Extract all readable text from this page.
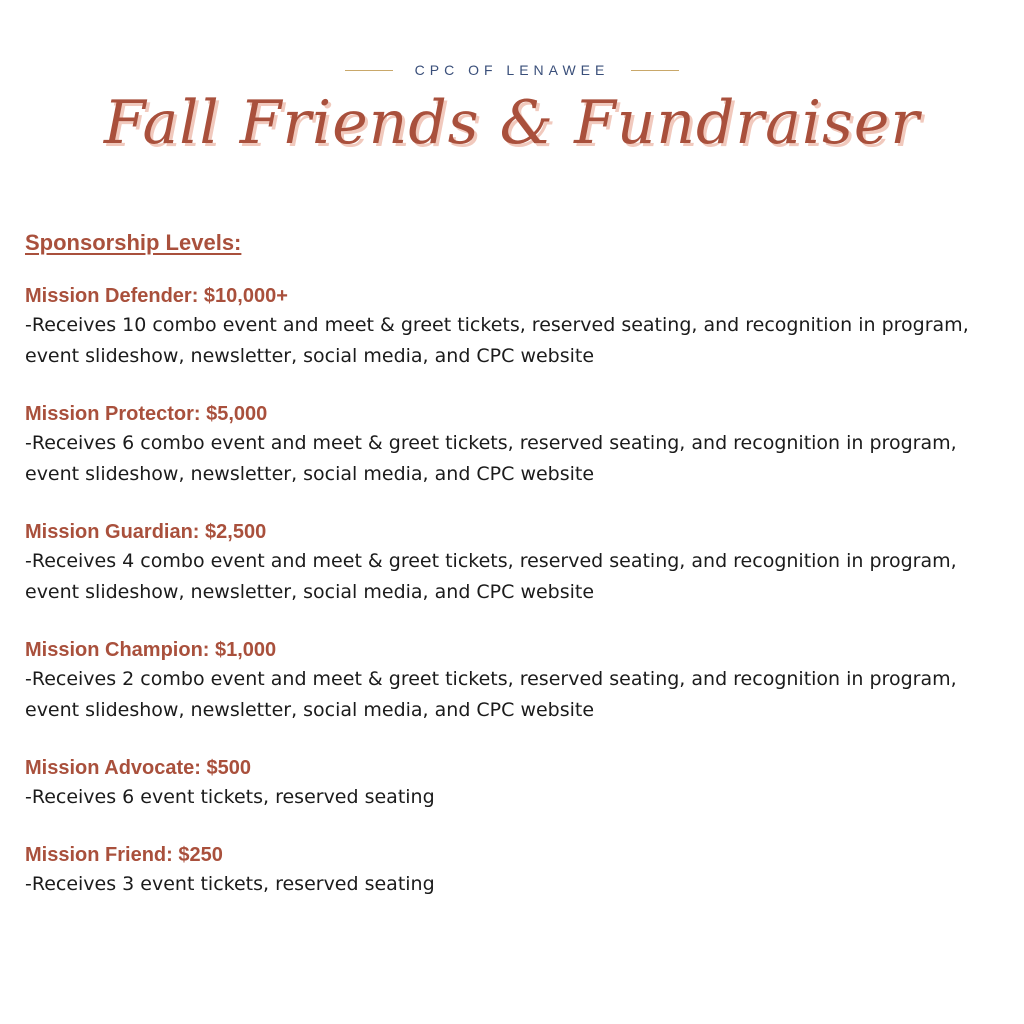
CPC OF LENAWEE
Fall Friends & Fundraiser
Sponsorship Levels:
Mission Defender: $10,000+
-Receives 10 combo event and meet & greet tickets, reserved seating, and recognition in program, event slideshow, newsletter, social media, and CPC website
Mission Protector: $5,000
-Receives 6 combo event and meet & greet tickets, reserved seating, and recognition in program, event slideshow, newsletter, social media, and CPC website
Mission Guardian: $2,500
-Receives 4 combo event and meet & greet tickets, reserved seating, and recognition in program, event slideshow, newsletter, social media, and CPC website
Mission Champion: $1,000
-Receives 2 combo event and meet & greet tickets, reserved seating, and recognition in program, event slideshow, newsletter, social media, and CPC website
Mission Advocate: $500
-Receives 6 event tickets, reserved seating
Mission Friend: $250
-Receives 3 event tickets, reserved seating
